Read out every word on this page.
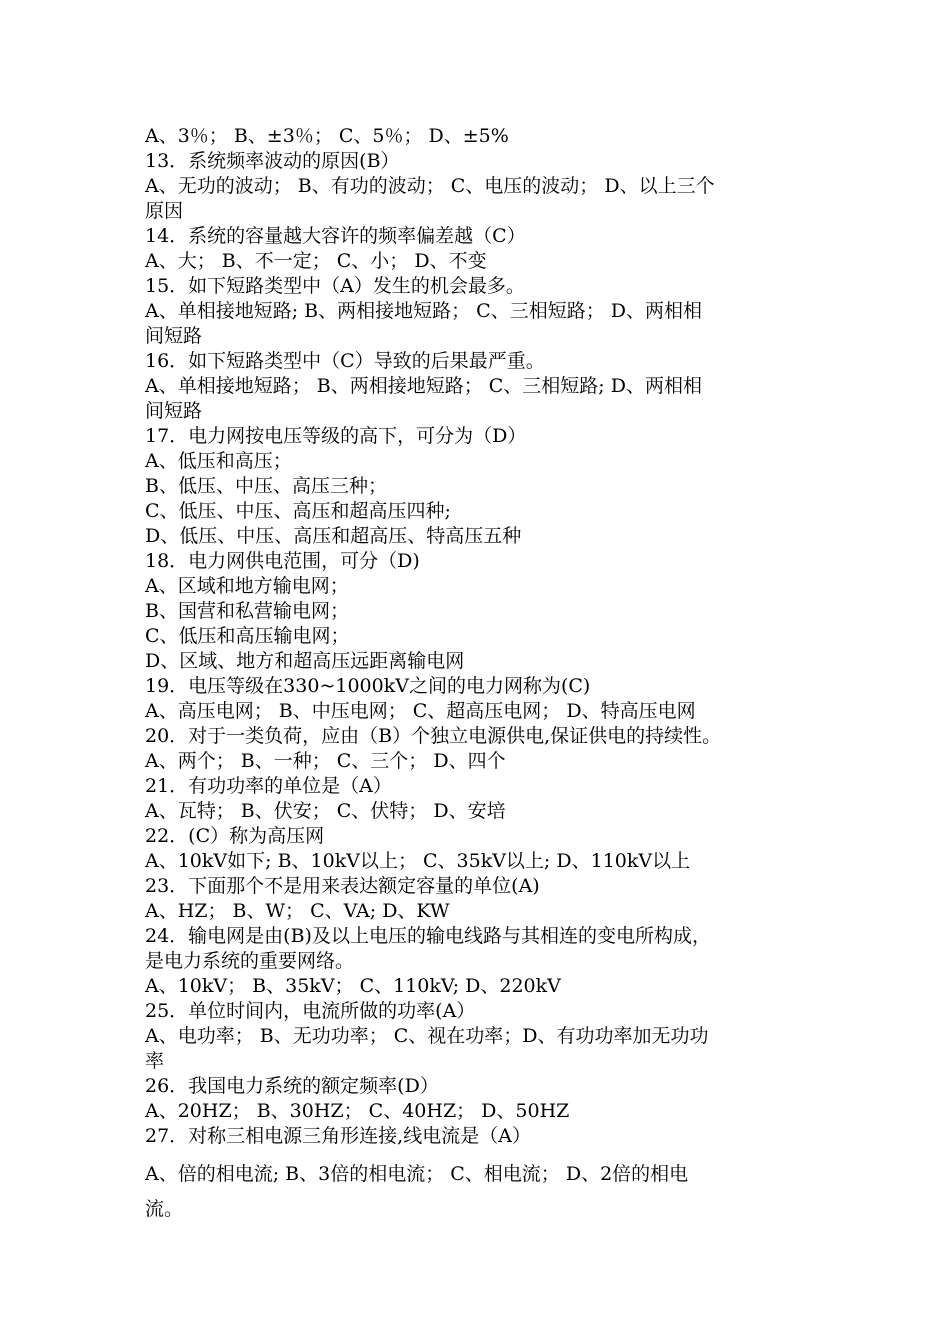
A、3％； B、±3％； C、5％； D、±5%

13．系统频率波动的原因(B）

A、无功的波动； B、有功的波动； C、电压的波动； D、以上三个

原因

14．系统的容量越大容许的频率偏差越（C）

A、大； B、不一定； C、小； D、不变

15．如下短路类型中（A）发生的机会最多。

A、单相接地短路; B、两相接地短路； C、三相短路； D、两相相

间短路

16．如下短路类型中（C）导致的后果最严重。

A、单相接地短路； B、两相接地短路； C、三相短路; D、两相相

间短路

17．电力网按电压等级的高下，可分为（D）

A、低压和高压；

B、低压、中压、高压三种；

C、低压、中压、高压和超高压四种;

D、低压、中压、高压和超高压、特高压五种

18．电力网供电范围，可分（D)

A、区域和地方输电网；

B、国营和私营输电网；

C、低压和高压输电网；

D、区域、地方和超高压远距离输电网

19．电压等级在330~1000kV之间的电力网称为(C)

A、高压电网； B、中压电网； C、超高压电网； D、特高压电网

20．对于一类负荷，应由（B）个独立电源供电,保证供电的持续性。

A、两个； B、一种； C、三个； D、四个

21．有功功率的单位是（A）

A、瓦特； B、伏安； C、伏特； D、安培

22．(C）称为高压网

A、10kV如下; B、10kV以上； C、35kV以上; D、110kV以上

23．下面那个不是用来表达额定容量的单位(A)

A、HZ； B、W； C、VA; D、KW

24．输电网是由(B)及以上电压的输电线路与其相连的变电所构成，

是电力系统的重要网络。

A、10kV； B、35kV； C、110kV; D、220kV

25．单位时间内，电流所做的功率(A）

A、电功率； B、无功功率； C、视在功率；D、有功功率加无功功

率

26．我国电力系统的额定频率(D）

A、20HZ； B、30HZ； C、40HZ； D、50HZ

27．对称三相电源三角形连接,线电流是（A）

A、倍的相电流; B、3倍的相电流； C、相电流； D、2倍的相电

流。
